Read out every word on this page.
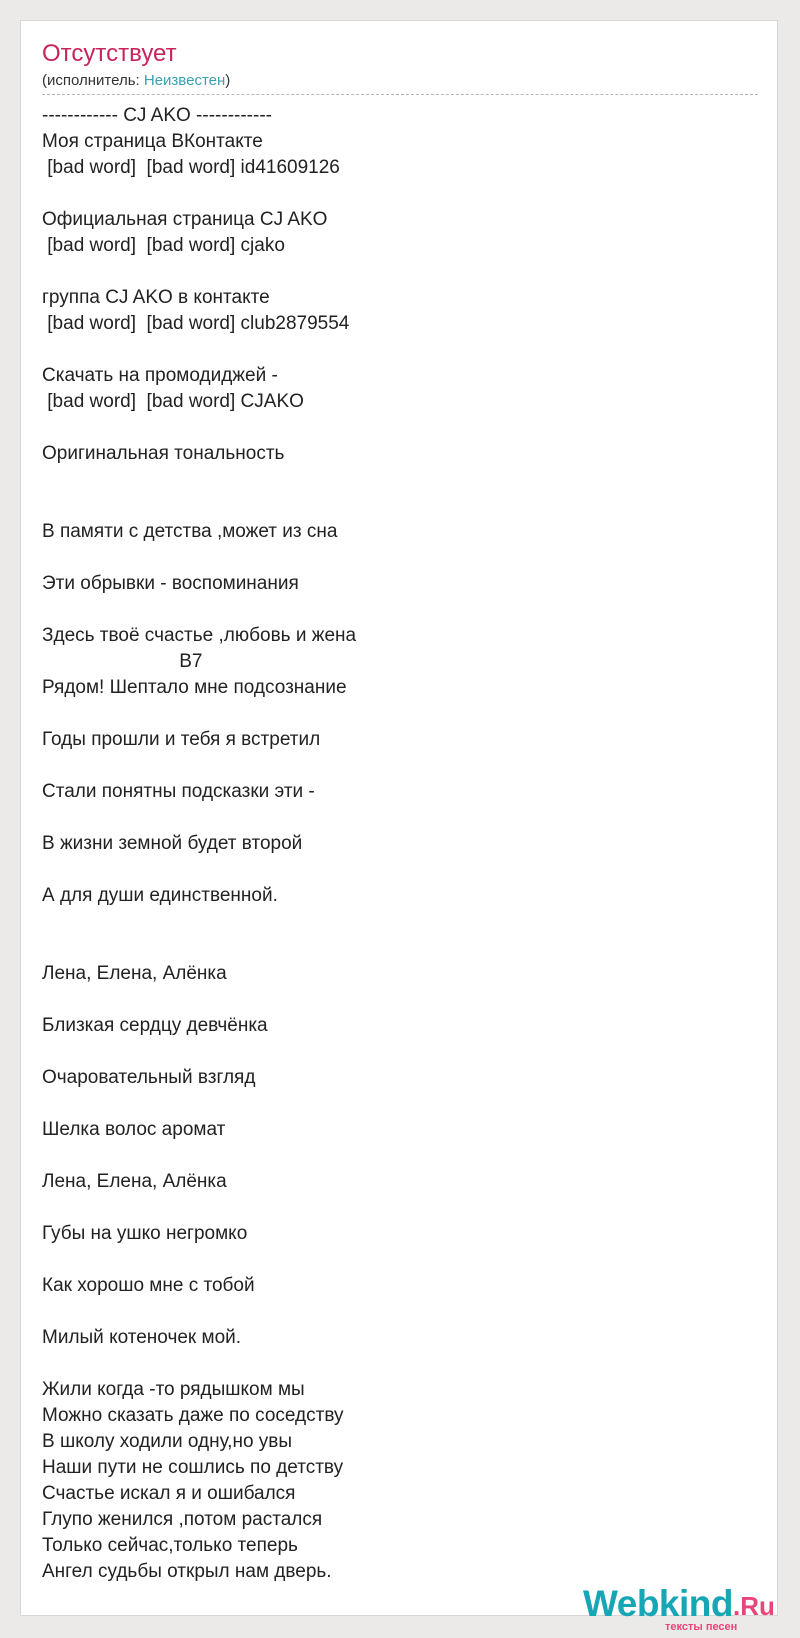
Отсутствует
(исполнитель: Неизвестен)
------------ CJ AKO ------------
Моя страница ВКонтакте
[bad word]  [bad word] id41609126
Официальная страница CJ AKO
[bad word]  [bad word] cjako
группа CJ AKO в контакте
[bad word]  [bad word] club2879554
Скачать на промодиджей -
[bad word]  [bad word] CJAKO
Оригинальная тональность
В памяти с детства ,может из сна
Эти обрывки - воспоминания
Здесь твоё счастье ,любовь и жена
B7
Рядом! Шептало мне подсознание
Годы прошли и тебя я встретил
Стали понятны подсказки эти -
В жизни земной будет второй
А для души единственной.
Лена, Елена, Алёнка
Близкая сердцу девчёнка
Очаровательный взгляд
Шелка волос аромат
Лена, Елена, Алёнка
Губы на ушко негромко
Как хорошо мне с тобой
Милый котеночек мой.
Жили когда -то рядышком мы
Можно сказать даже по соседству
В школу ходили одну,но увы
Наши пути не сошлись по детству
Счастье искал я и ошибался
Глупо женился ,потом растался
Только сейчас,только теперь
Ангел судьбы открыл нам дверь.
Webkind .Ru
тексты песен
